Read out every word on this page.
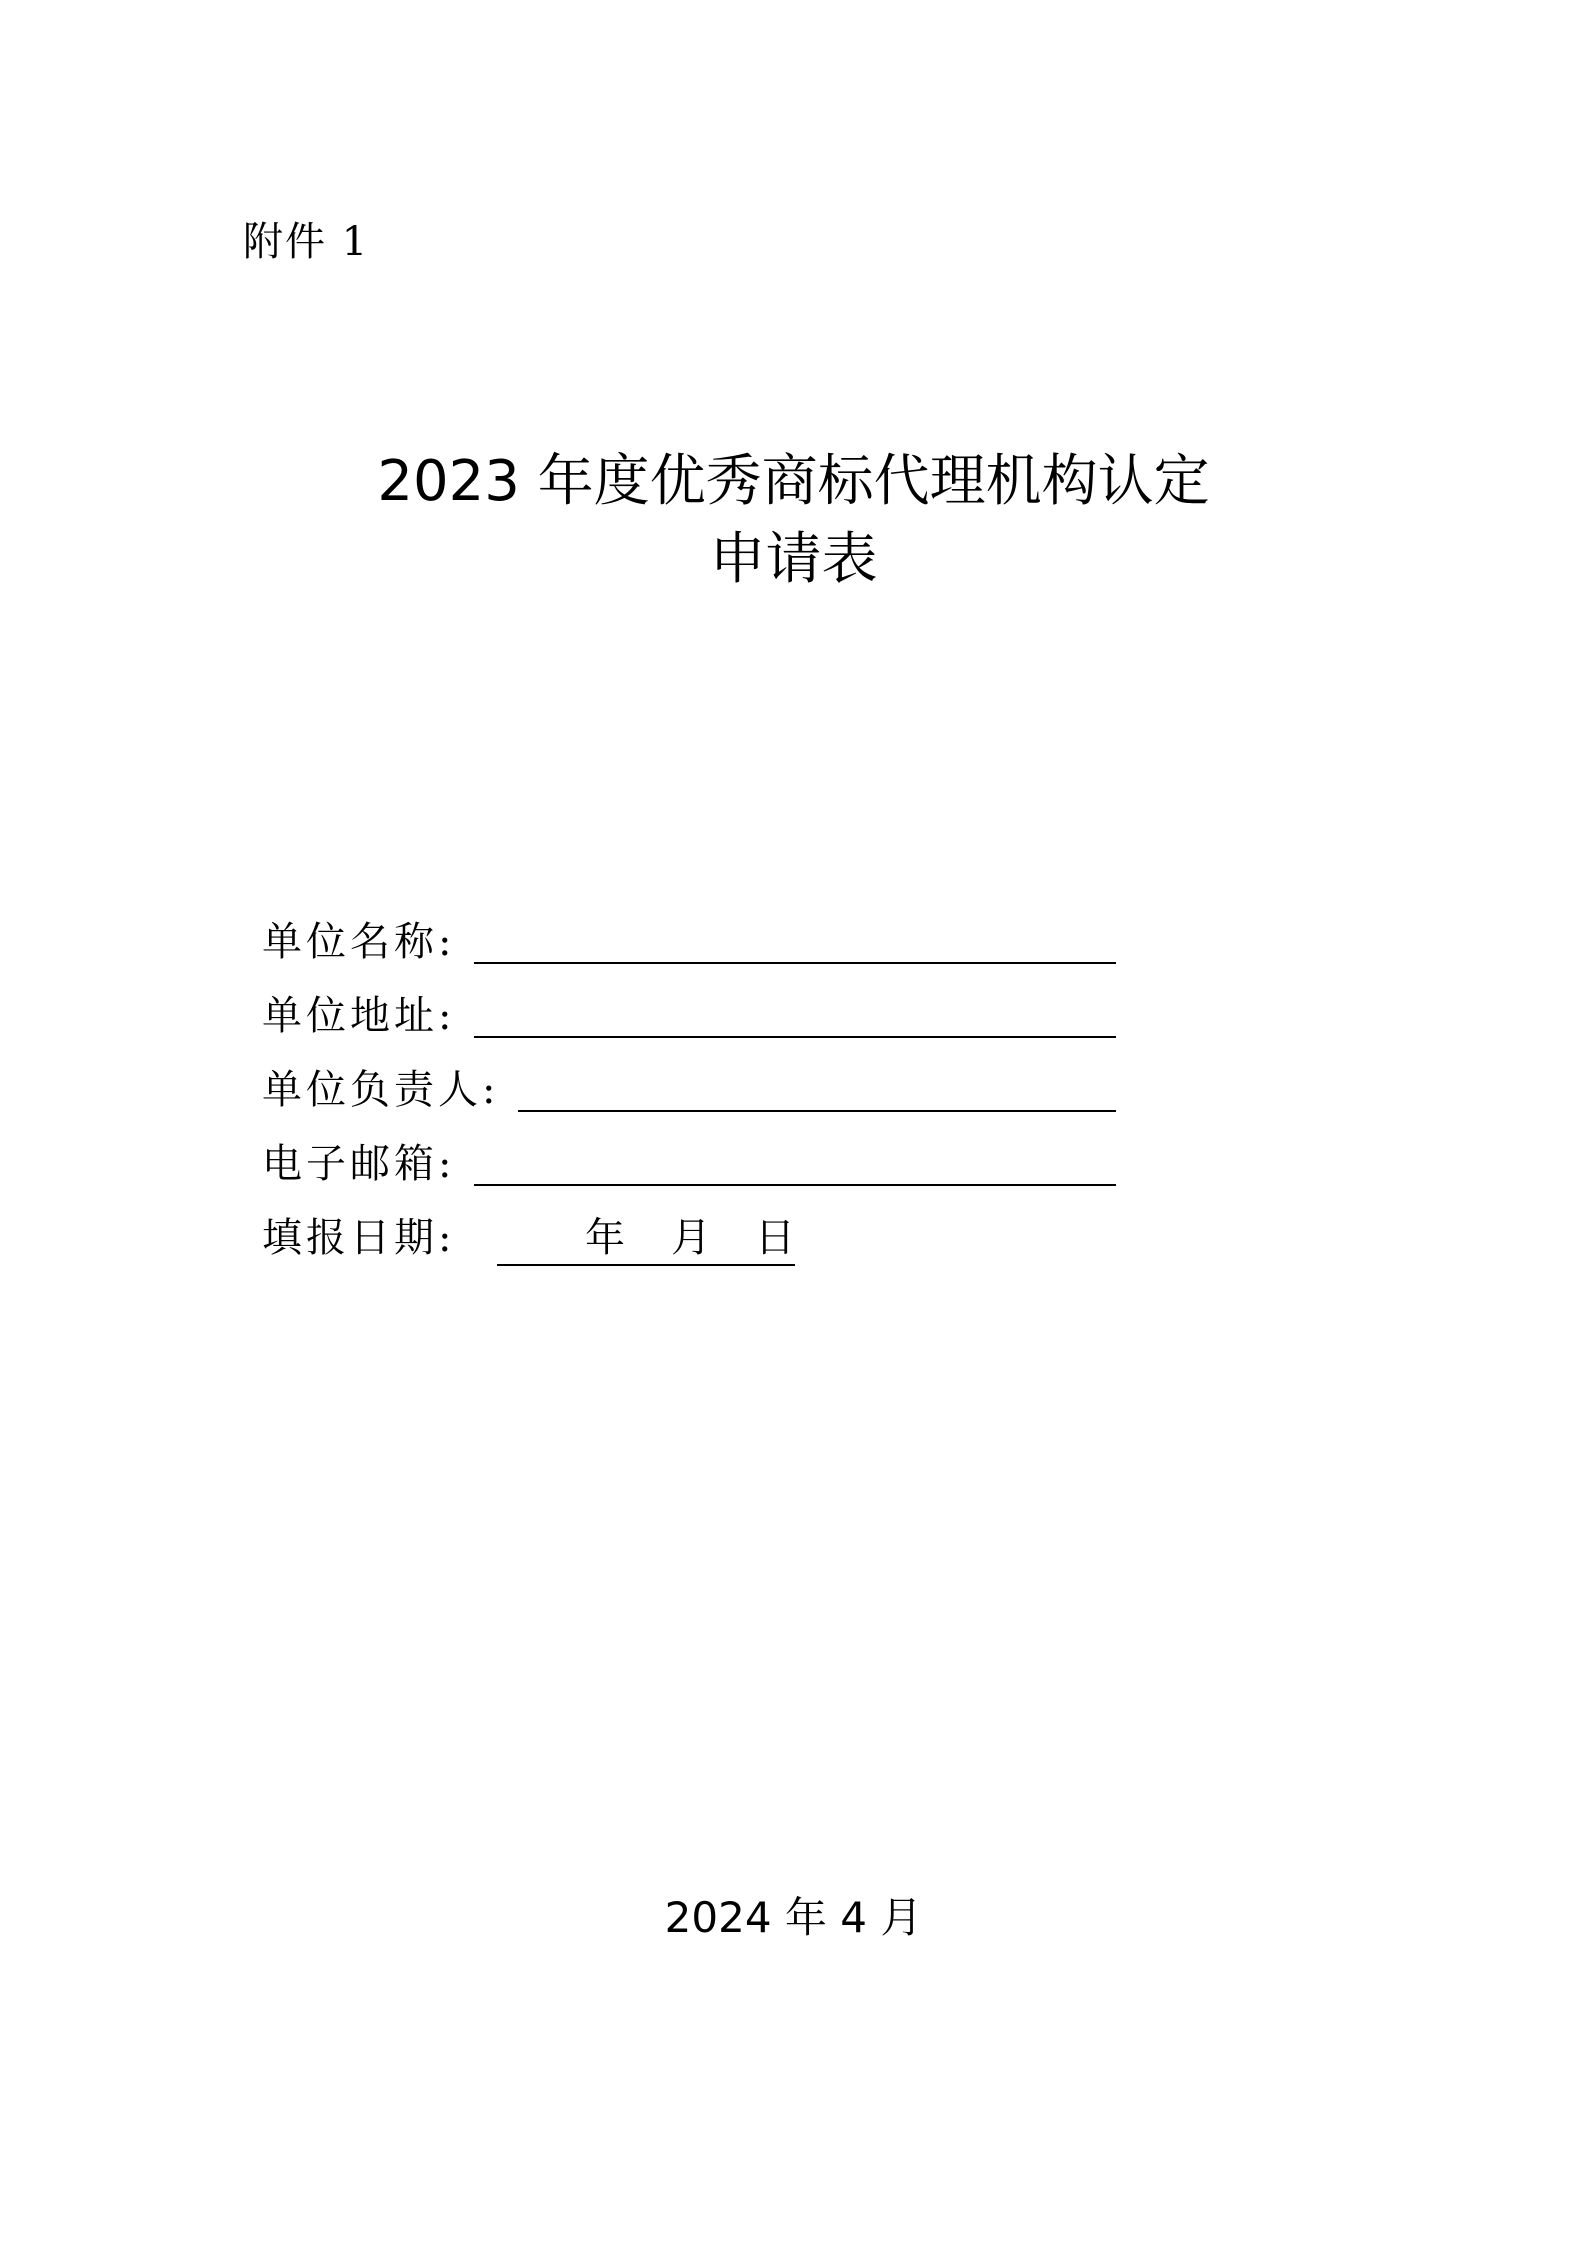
附件 1
2023 年度优秀商标代理机构认定
申请表
单位名称:
单位地址:
单位负责人:
电子邮箱:
填报日期:	年 月 日
2024 年 4 月
